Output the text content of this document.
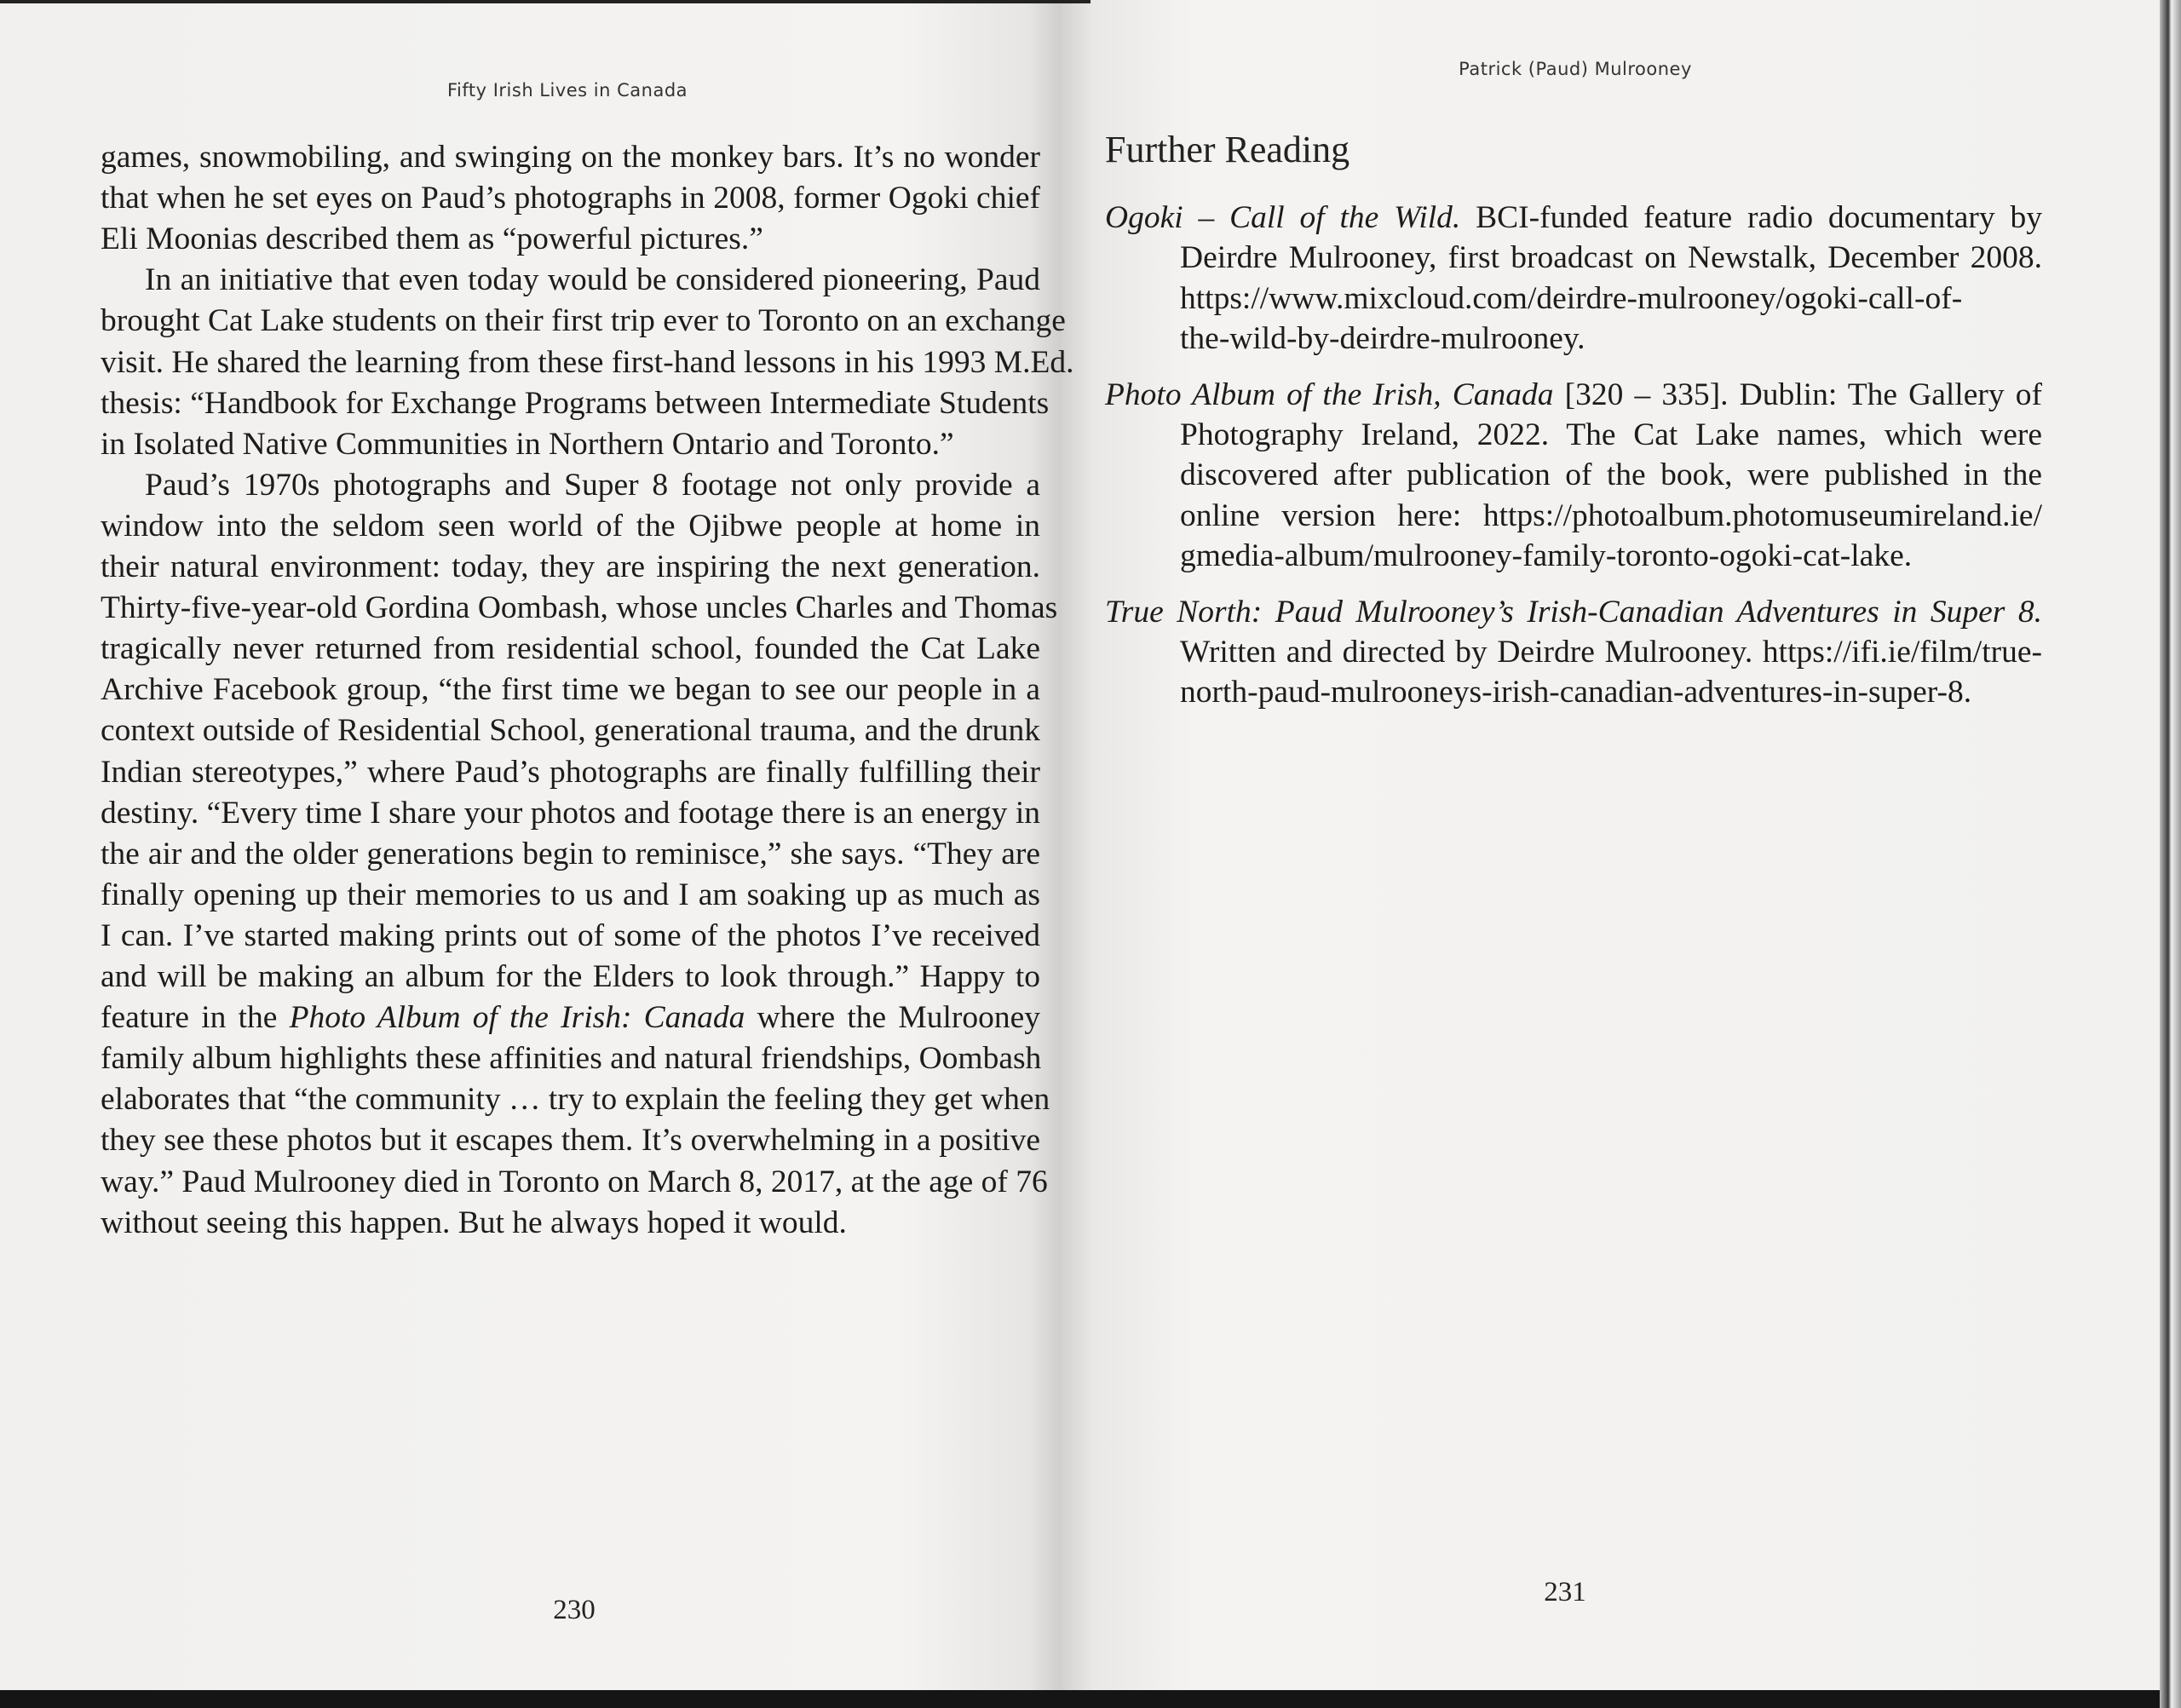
Fifty Irish Lives in Canada
Patrick (Paud) Mulrooney
Further Reading
games, snowmobiling, and swinging on the monkey bars. It’s no wonder
that when he set eyes on Paud’s photographs in 2008, former Ogoki chief
Eli Moonias described them as “powerful pictures.”
In an initiative that even today would be considered pioneering, Paud
brought Cat Lake students on their first trip ever to Toronto on an exchange
visit. He shared the learning from these first-hand lessons in his 1993 M.Ed.
thesis: “Handbook for Exchange Programs between Intermediate Students
in Isolated Native Communities in Northern Ontario and Toronto.”
Paud’s 1970s photographs and Super 8 footage not only provide a
window into the seldom seen world of the Ojibwe people at home in
their natural environment: today, they are inspiring the next generation.
Thirty-five-year-old Gordina Oombash, whose uncles Charles and Thomas
tragically never returned from residential school, founded the Cat Lake
Archive Facebook group, “the first time we began to see our people in a
context outside of Residential School, generational trauma, and the drunk
Indian stereotypes,” where Paud’s photographs are finally fulfilling their
destiny. “Every time I share your photos and footage there is an energy in
the air and the older generations begin to reminisce,” she says. “They are
finally opening up their memories to us and I am soaking up as much as
I can. I’ve started making prints out of some of the photos I’ve received
and will be making an album for the Elders to look through.” Happy to
feature in the Photo Album of the Irish: Canada where the Mulrooney
family album highlights these affinities and natural friendships, Oombash
elaborates that “the community … try to explain the feeling they get when
they see these photos but it escapes them. It’s overwhelming in a positive
way.” Paud Mulrooney died in Toronto on March 8, 2017, at the age of 76
without seeing this happen. But he always hoped it would.
Ogoki – Call of the Wild. BCI-funded feature radio documentary by
Deirdre Mulrooney, first broadcast on Newstalk, December 2008.
https://www.mixcloud.com/deirdre-mulrooney/ogoki-call-of-
the-wild-by-deirdre-mulrooney.
Photo Album of the Irish, Canada [320 – 335]. Dublin: The Gallery of
Photography Ireland, 2022. The Cat Lake names, which were
discovered after publication of the book, were published in the
online version here: https://photoalbum.photomuseumireland.ie/
gmedia-album/mulrooney-family-toronto-ogoki-cat-lake.
True North: Paud Mulrooney’s Irish-Canadian Adventures in Super 8.
Written and directed by Deirdre Mulrooney. https://ifi.ie/film/true-
north-paud-mulrooneys-irish-canadian-adventures-in-super-8.
230
231
